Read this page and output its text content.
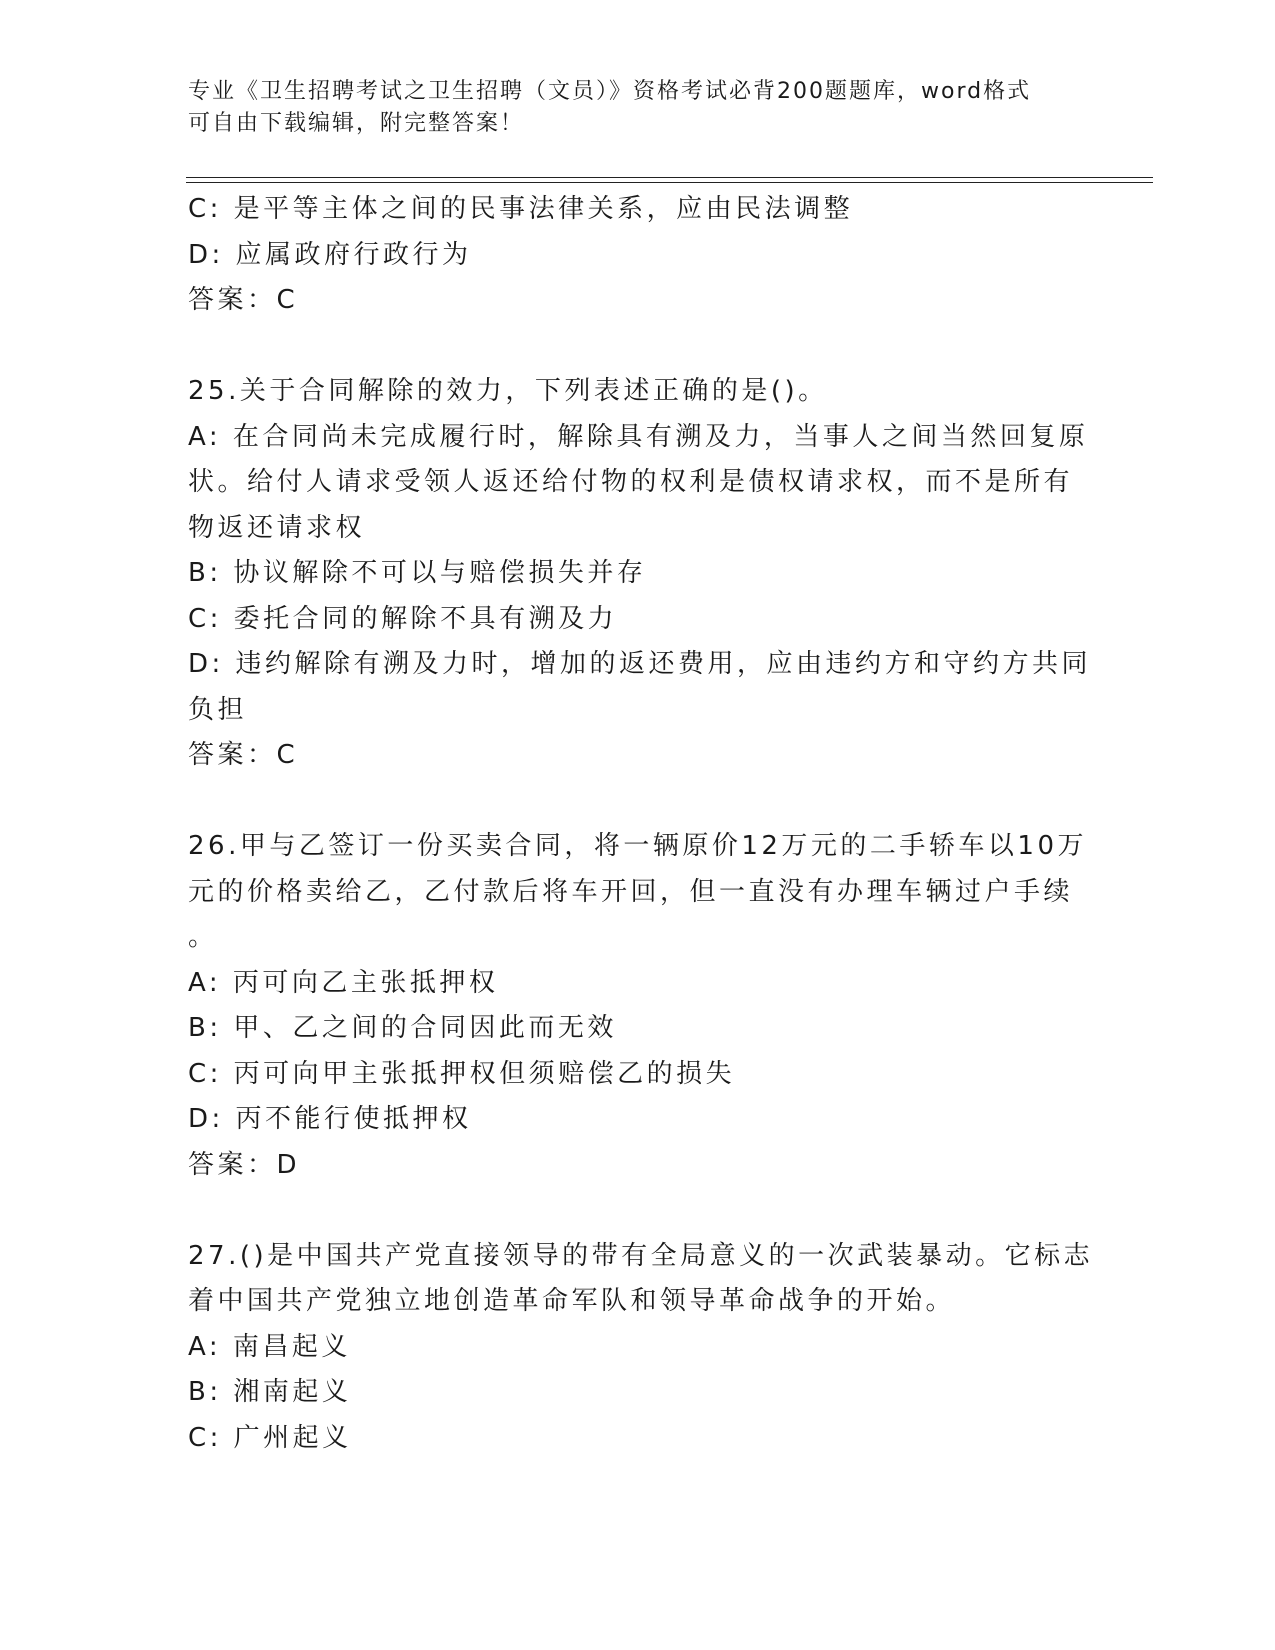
专业《卫生招聘考试之卫生招聘（文员）》资格考试必背200题题库，word格式
可自由下载编辑，附完整答案！
C: 是平等主体之间的民事法律关系，应由民法调整
D: 应属政府行政行为
答案：C
25.关于合同解除的效力，下列表述正确的是()。
A: 在合同尚未完成履行时，解除具有溯及力，当事人之间当然回复原
状。给付人请求受领人返还给付物的权利是债权请求权，而不是所有
物返还请求权
B: 协议解除不可以与赔偿损失并存
C: 委托合同的解除不具有溯及力
D: 违约解除有溯及力时，增加的返还费用，应由违约方和守约方共同
负担
答案：C
26.甲与乙签订一份买卖合同，将一辆原价12万元的二手轿车以10万
元的价格卖给乙，乙付款后将车开回，但一直没有办理车辆过户手续
。
A: 丙可向乙主张抵押权
B: 甲、乙之间的合同因此而无效
C: 丙可向甲主张抵押权但须赔偿乙的损失
D: 丙不能行使抵押权
答案：D
27.()是中国共产党直接领导的带有全局意义的一次武装暴动。它标志
着中国共产党独立地创造革命军队和领导革命战争的开始。
A: 南昌起义
B: 湘南起义
C: 广州起义
